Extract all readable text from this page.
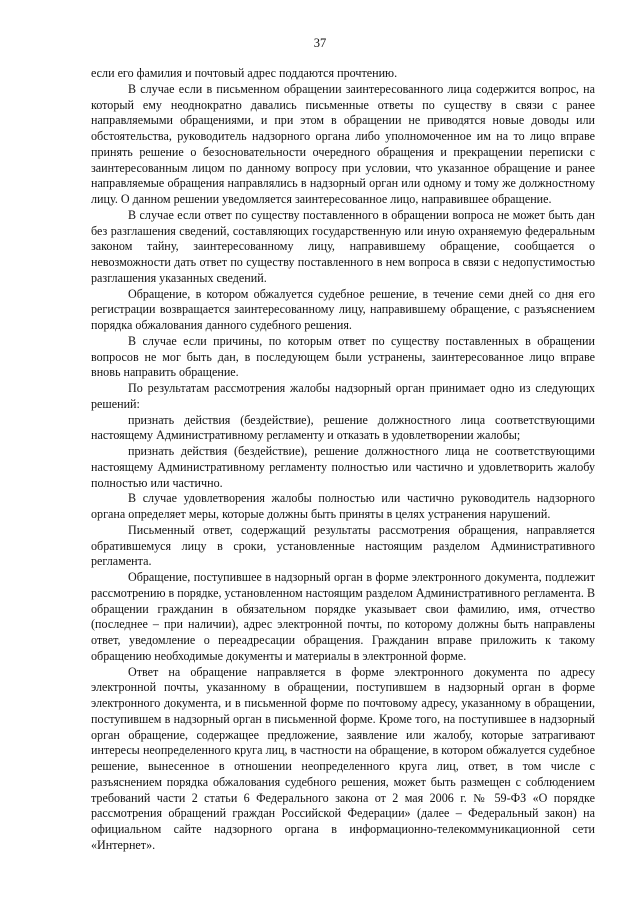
37

если его фамилия и почтовый адрес поддаются прочтению.

В случае если в письменном обращении заинтересованного лица содержится вопрос, на который ему неоднократно давались письменные ответы по существу в связи с ранее направляемыми обращениями, и при этом в обращении не приводятся новые доводы или обстоятельства, руководитель надзорного органа либо уполномоченное им на то лицо вправе принять решение о безосновательности очередного обращения и прекращении переписки с заинтересованным лицом по данному вопросу при условии, что указанное обращение и ранее направляемые обращения направлялись в надзорный орган или одному и тому же должностному лицу. О данном решении уведомляется заинтересованное лицо, направившее обращение.

В случае если ответ по существу поставленного в обращении вопроса не может быть дан без разглашения сведений, составляющих государственную или иную охраняемую федеральным законом тайну, заинтересованному лицу, направившему обращение, сообщается о невозможности дать ответ по существу поставленного в нем вопроса в связи с недопустимостью разглашения указанных сведений.

Обращение, в котором обжалуется судебное решение, в течение семи дней со дня его регистрации возвращается заинтересованному лицу, направившему обращение, с разъяснением порядка обжалования данного судебного решения.

В случае если причины, по которым ответ по существу поставленных в обращении вопросов не мог быть дан, в последующем были устранены, заинтересованное лицо вправе вновь направить обращение.

По результатам рассмотрения жалобы надзорный орган принимает одно из следующих решений:

признать действия (бездействие), решение должностного лица соответствующими настоящему Административному регламенту и отказать в удовлетворении жалобы;

признать действия (бездействие), решение должностного лица не соответствующими настоящему Административному регламенту полностью или частично и удовлетворить жалобу полностью или частично.

В случае удовлетворения жалобы полностью или частично руководитель надзорного органа определяет меры, которые должны быть приняты в целях устранения нарушений.

Письменный ответ, содержащий результаты рассмотрения обращения, направляется обратившемуся лицу в сроки, установленные настоящим разделом Административного регламента.

Обращение, поступившее в надзорный орган в форме электронного документа, подлежит рассмотрению в порядке, установленном настоящим разделом Административного регламента. В обращении гражданин в обязательном порядке указывает свои фамилию, имя, отчество (последнее – при наличии), адрес электронной почты, по которому должны быть направлены ответ, уведомление о переадресации обращения. Гражданин вправе приложить к такому обращению необходимые документы и материалы в электронной форме.

Ответ на обращение направляется в форме электронного документа по адресу электронной почты, указанному в обращении, поступившем в надзорный орган в форме электронного документа, и в письменной форме по почтовому адресу, указанному в обращении, поступившем в надзорный орган в письменной форме. Кроме того, на поступившее в надзорный орган обращение, содержащее предложение, заявление или жалобу, которые затрагивают интересы неопределенного круга лиц, в частности на обращение, в котором обжалуется судебное решение, вынесенное в отношении неопределенного круга лиц, ответ, в том числе с разъяснением порядка обжалования судебного решения, может быть размещен с соблюдением требований части 2 статьи 6 Федерального закона от 2 мая 2006 г. № 59-ФЗ «О порядке рассмотрения обращений граждан Российской Федерации» (далее – Федеральный закон) на официальном сайте надзорного органа в информационно-телекоммуникационной сети «Интернет».
